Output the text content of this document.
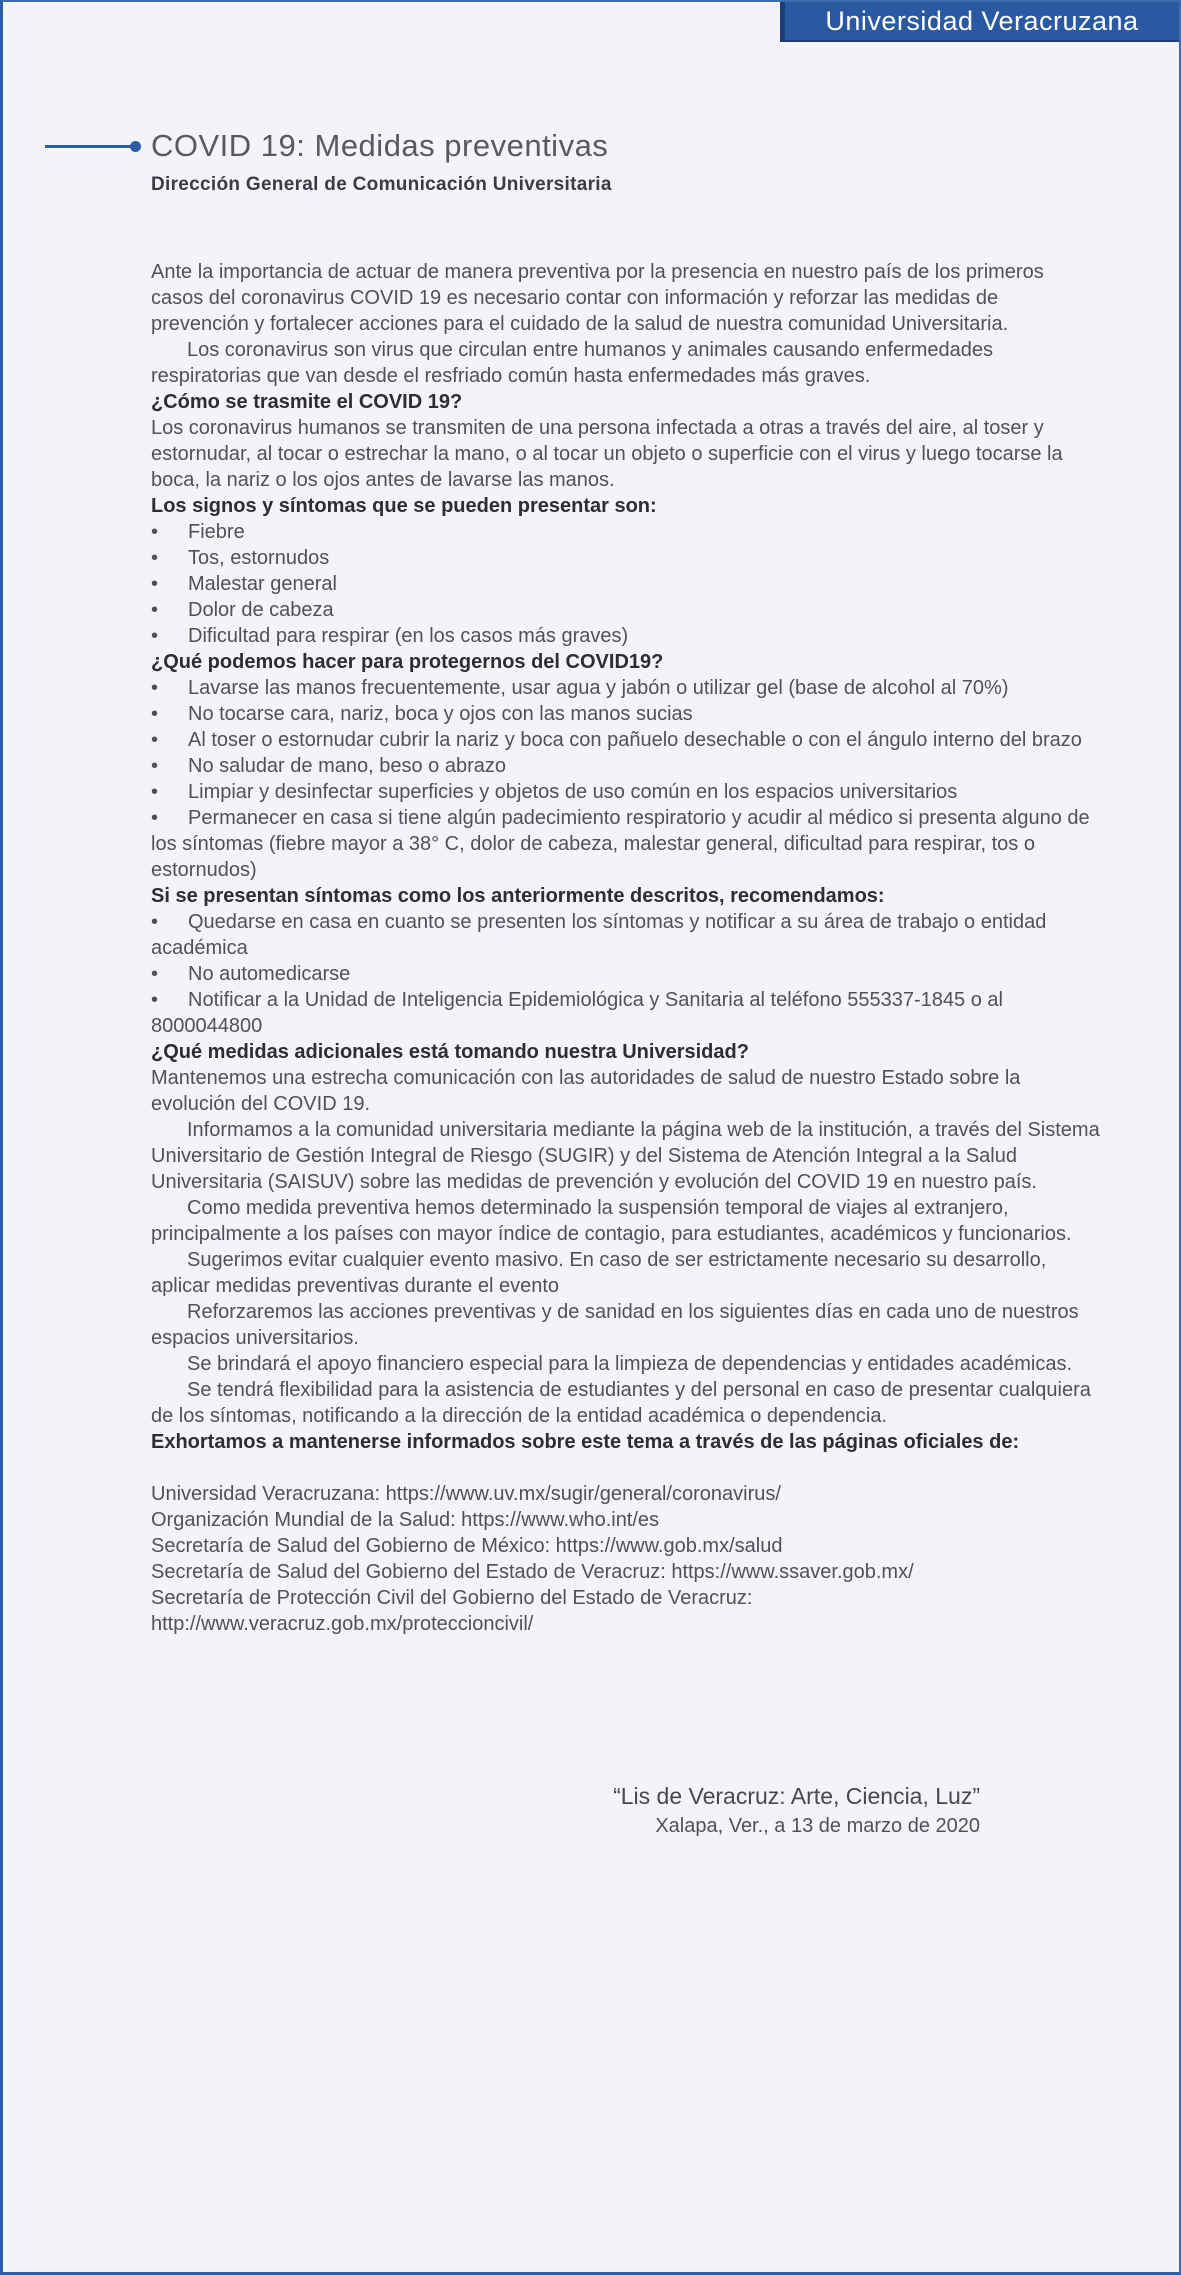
Universidad Veracruzana
COVID 19: Medidas preventivas
Dirección General de Comunicación Universitaria

Ante la importancia de actuar de manera preventiva por la presencia en nuestro país de los primeros casos del coronavirus COVID 19 es necesario contar con información y reforzar las medidas de prevención y fortalecer acciones para el cuidado de la salud de nuestra comunidad Universitaria.

Los coronavirus son virus que circulan entre humanos y animales causando enfermedades respiratorias que van desde el resfriado común hasta enfermedades más graves.

¿Cómo se trasmite el COVID 19?

Los coronavirus humanos se transmiten de una persona infectada a otras a través del aire, al toser y estornudar, al tocar o estrechar la mano, o al tocar un objeto o superficie con el virus y luego tocarse la boca, la nariz o los ojos antes de lavarse las manos.

Los signos y síntomas que se pueden presentar son:

• Fiebre
• Tos, estornudos
• Malestar general
• Dolor de cabeza
• Dificultad para respirar (en los casos más graves)

¿Qué podemos hacer para protegernos del COVID19?

• Lavarse las manos frecuentemente, usar agua y jabón o utilizar gel (base de alcohol al 70%)
• No tocarse cara, nariz, boca y ojos con las manos sucias
• Al toser o estornudar cubrir la nariz y boca con pañuelo desechable o con el ángulo interno del brazo
• No saludar de mano, beso o abrazo
• Limpiar y desinfectar superficies y objetos de uso común en los espacios universitarios
• Permanecer en casa si tiene algún padecimiento respiratorio y acudir al médico si presenta alguno de los síntomas (fiebre mayor a 38° C, dolor de cabeza, malestar general, dificultad para respirar, tos o estornudos)

Si se presentan síntomas como los anteriormente descritos, recomendamos:

• Quedarse en casa en cuanto se presenten los síntomas y notificar a su área de trabajo o entidad académica
• No automedicarse
• Notificar a la Unidad de Inteligencia Epidemiológica y Sanitaria al teléfono 555337-1845 o al 8000044800

¿Qué medidas adicionales está tomando nuestra Universidad?

Mantenemos una estrecha comunicación con las autoridades de salud de nuestro Estado sobre la evolución del COVID 19.

Informamos a la comunidad universitaria mediante la página web de la institución, a través del Sistema Universitario de Gestión Integral de Riesgo (SUGIR) y del Sistema de Atención Integral a la Salud Universitaria (SAISUV) sobre las medidas de prevención y evolución del COVID 19 en nuestro país.

Como medida preventiva hemos determinado la suspensión temporal de viajes al extranjero, principalmente a los países con mayor índice de contagio, para estudiantes, académicos y funcionarios.

Sugerimos evitar cualquier evento masivo. En caso de ser estrictamente necesario su desarrollo, aplicar medidas preventivas durante el evento

Reforzaremos las acciones preventivas y de sanidad en los siguientes días en cada uno de nuestros espacios universitarios.

Se brindará el apoyo financiero especial para la limpieza de dependencias y entidades académicas.

Se tendrá flexibilidad para la asistencia de estudiantes y del personal en caso de presentar cualquiera de los síntomas, notificando a la dirección de la entidad académica o dependencia.

Exhortamos a mantenerse informados sobre este tema a través de las páginas oficiales de:

Universidad Veracruzana: https://www.uv.mx/sugir/general/coronavirus/
Organización Mundial de la Salud: https://www.who.int/es
Secretaría de Salud del Gobierno de México: https://www.gob.mx/salud
Secretaría de Salud del Gobierno del Estado de Veracruz: https://www.ssaver.gob.mx/
Secretaría de Protección Civil del Gobierno del Estado de Veracruz:
http://www.veracruz.gob.mx/proteccioncivil/
“Lis de Veracruz: Arte, Ciencia, Luz”
Xalapa, Ver., a 13 de marzo de 2020
